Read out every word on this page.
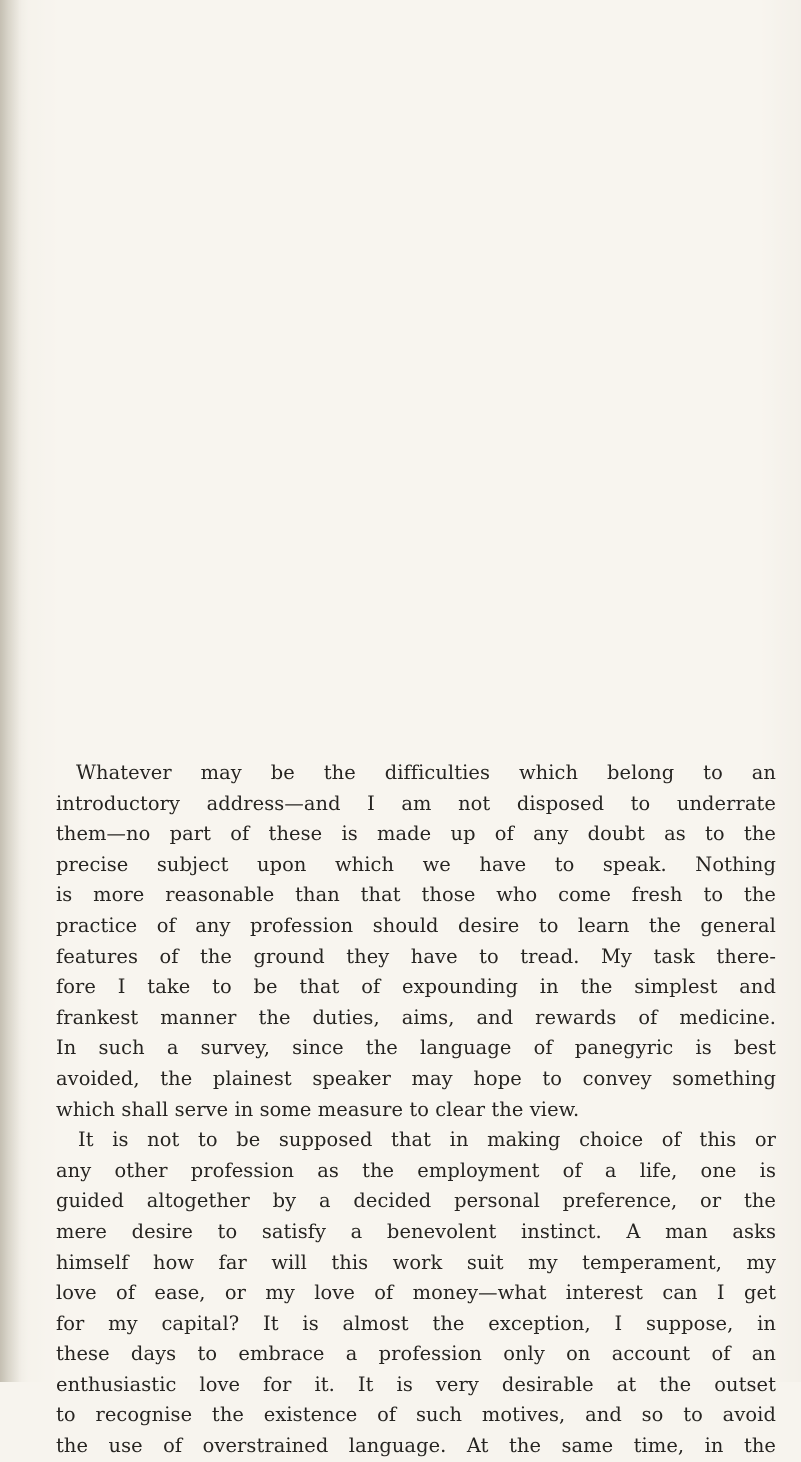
Whatever may be the difficulties which belong to an
introductory address—and I am not disposed to underrate
them—no part of these is made up of any doubt as to the
precise subject upon which we have to speak. Nothing
is more reasonable than that those who come fresh to the
practice of any profession should desire to learn the general
features of the ground they have to tread. My task there-
fore I take to be that of expounding in the simplest and
frankest manner the duties, aims, and rewards of medicine.
In such a survey, since the language of panegyric is best
avoided, the plainest speaker may hope to convey something
which shall serve in some measure to clear the view.
It is not to be supposed that in making choice of this or
any other profession as the employment of a life, one is
guided altogether by a decided personal preference, or the
mere desire to satisfy a benevolent instinct. A man asks
himself how far will this work suit my temperament, my
love of ease, or my love of money—what interest can I get
for my capital? It is almost the exception, I suppose, in
these days to embrace a profession only on account of an
enthusiastic love for it. It is very desirable at the outset
to recognise the existence of such motives, and so to avoid
the use of overstrained language. At the same time, in the
